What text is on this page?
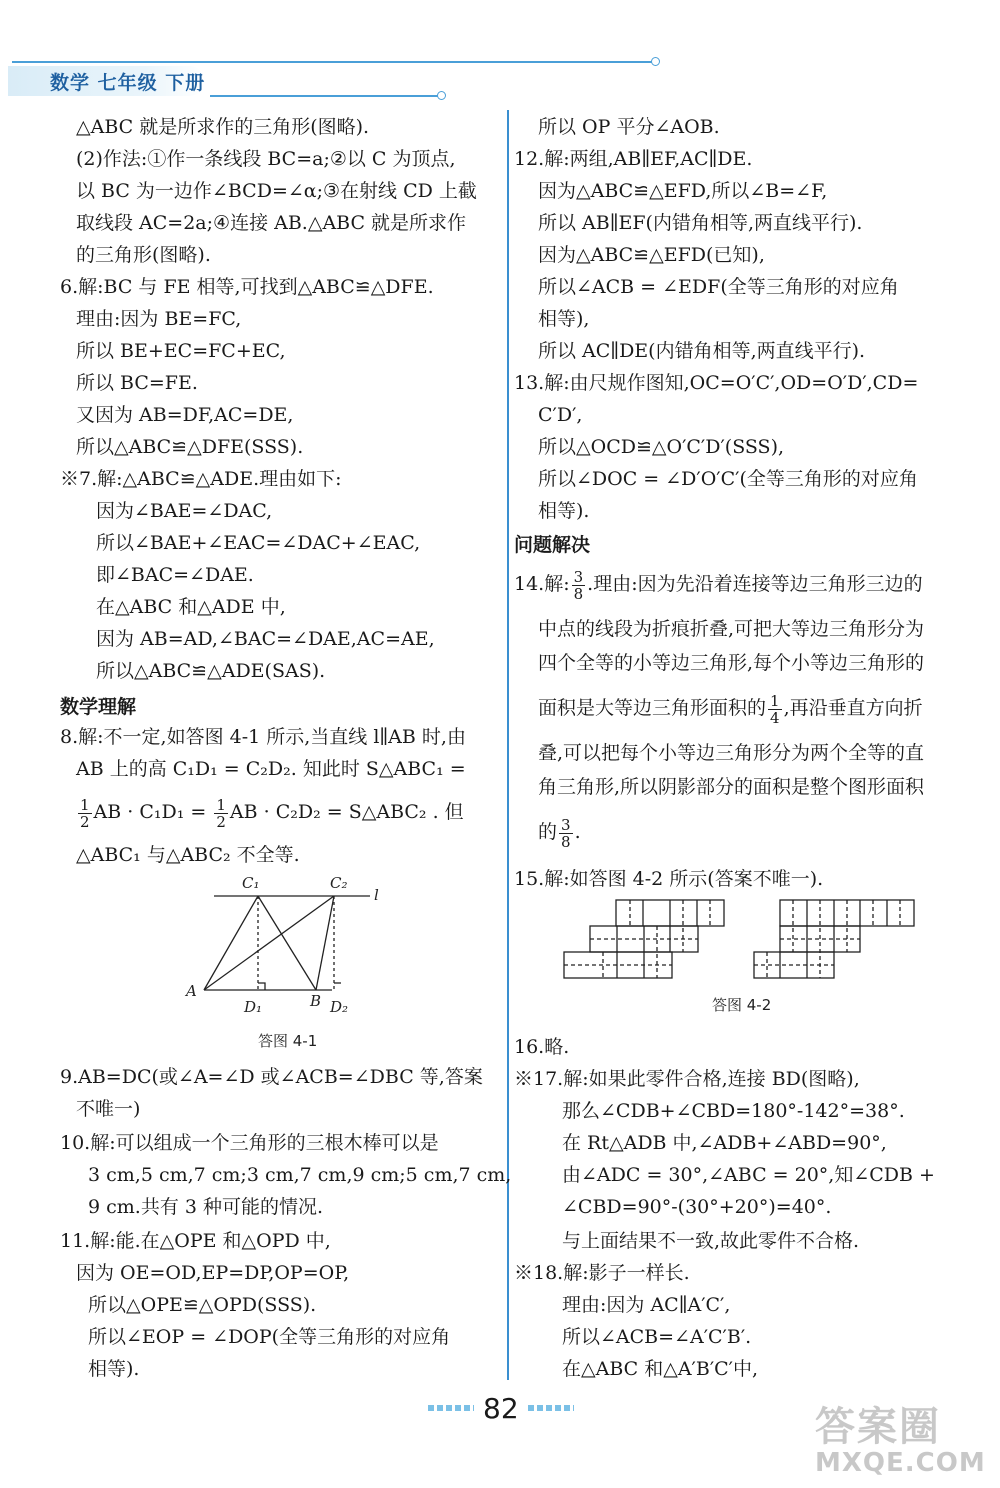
数学 七年级 下册
△ABC 就是所求作的三角形(图略).
(2)作法:①作一条线段 BC=a;②以 C 为顶点,
以 BC 为一边作∠BCD=∠α;③在射线 CD 上截
取线段 AC=2a;④连接 AB.△ABC 就是所求作
的三角形(图略).
6.解:BC 与 FE 相等,可找到△ABC≌△DFE.
理由:因为 BE=FC,
所以 BE+EC=FC+EC,
所以 BC=FE.
又因为 AB=DF,AC=DE,
所以△ABC≌△DFE(SSS).
※7.解:△ABC≌△ADE.理由如下:
因为∠BAE=∠DAC,
所以∠BAE+∠EAC=∠DAC+∠EAC,
即∠BAC=∠DAE.
在△ABC 和△ADE 中,
因为 AB=AD,∠BAC=∠DAE,AC=AE,
所以△ABC≌△ADE(SAS).
数学理解
8.解:不一定,如答图 4-1 所示,当直线 l∥AB 时,由
AB 上的高 C₁D₁ = C₂D₂. 知此时 S△ABC₁ =
$\frac{1}{2}$ AB · $C_1D_1 = \frac{1}{2}$ AB · C₂D₂ = S△ABC₂ . 但
△ABC₁ 与△ABC₂ 不全等.
C₁	C₂
l
A
D₁	B D₂
答图 4-1
9.AB=DC(或∠A=∠D 或∠ACB=∠DBC 等,答案
不唯一)
10.解:可以组成一个三角形的三根木棒可以是
3 cm,5 cm,7 cm;3 cm,7 cm,9 cm;5 cm,7 cm,
9 cm.共有 3 种可能的情况.
11.解:能.在△OPE 和△OPD 中,
因为 OE=OD,EP=DP,OP=OP,
所以△OPE≌△OPD(SSS).
所以∠EOP = ∠DOP(全等三角形的对应角
相等).
所以 OP 平分∠AOB.
12.解:两组,AB∥EF,AC∥DE.
因为△ABC≌△EFD,所以∠B=∠F,
所以 AB∥EF(内错角相等,两直线平行).
因为△ABC≌△EFD(已知),
所以∠ACB = ∠EDF(全等三角形的对应角
相等),
所以 AC∥DE(内错角相等,两直线平行).
13.解:由尺规作图知,OC=O′C′,OD=O′D′,CD=
C′D′,
所以△OCD≌△O′C′D′(SSS),
所以∠DOC = ∠D′O′C′(全等三角形的对应角
相等).
问题解决
14.解: $\frac{3}{8}$ .理由:因为先沿着连接等边三角形三边的
中点的线段为折痕折叠,可把大等边三角形分为
四个全等的小等边三角形,每个小等边三角形的
面积是大等边三角形面积的 $\frac{1}{4}$ ,再沿垂直方向折
叠,可以把每个小等边三角形分为两个全等的直
角三角形,所以阴影部分的面积是整个图形面积
的 $\frac{3}{8}$ .
15.解:如答图 4-2 所示(答案不唯一).
答图 4-2
16.略.
※17.解:如果此零件合格,连接 BD(图略),
那么∠CDB+∠CBD=180°-142°=38°.
在 Rt△ADB 中,∠ADB+∠ABD=90°,
由∠ADC = 30°,∠ABC = 20°,知∠CDB +
∠CBD=90°-(30°+20°)=40°.
与上面结果不一致,故此零件不合格.
※18.解:影子一样长.
理由:因为 AC∥A′C′,
所以∠ACB=∠A′C′B′.
在△ABC 和△A′B′C′中,
82	答案圈
MXQE.COM
